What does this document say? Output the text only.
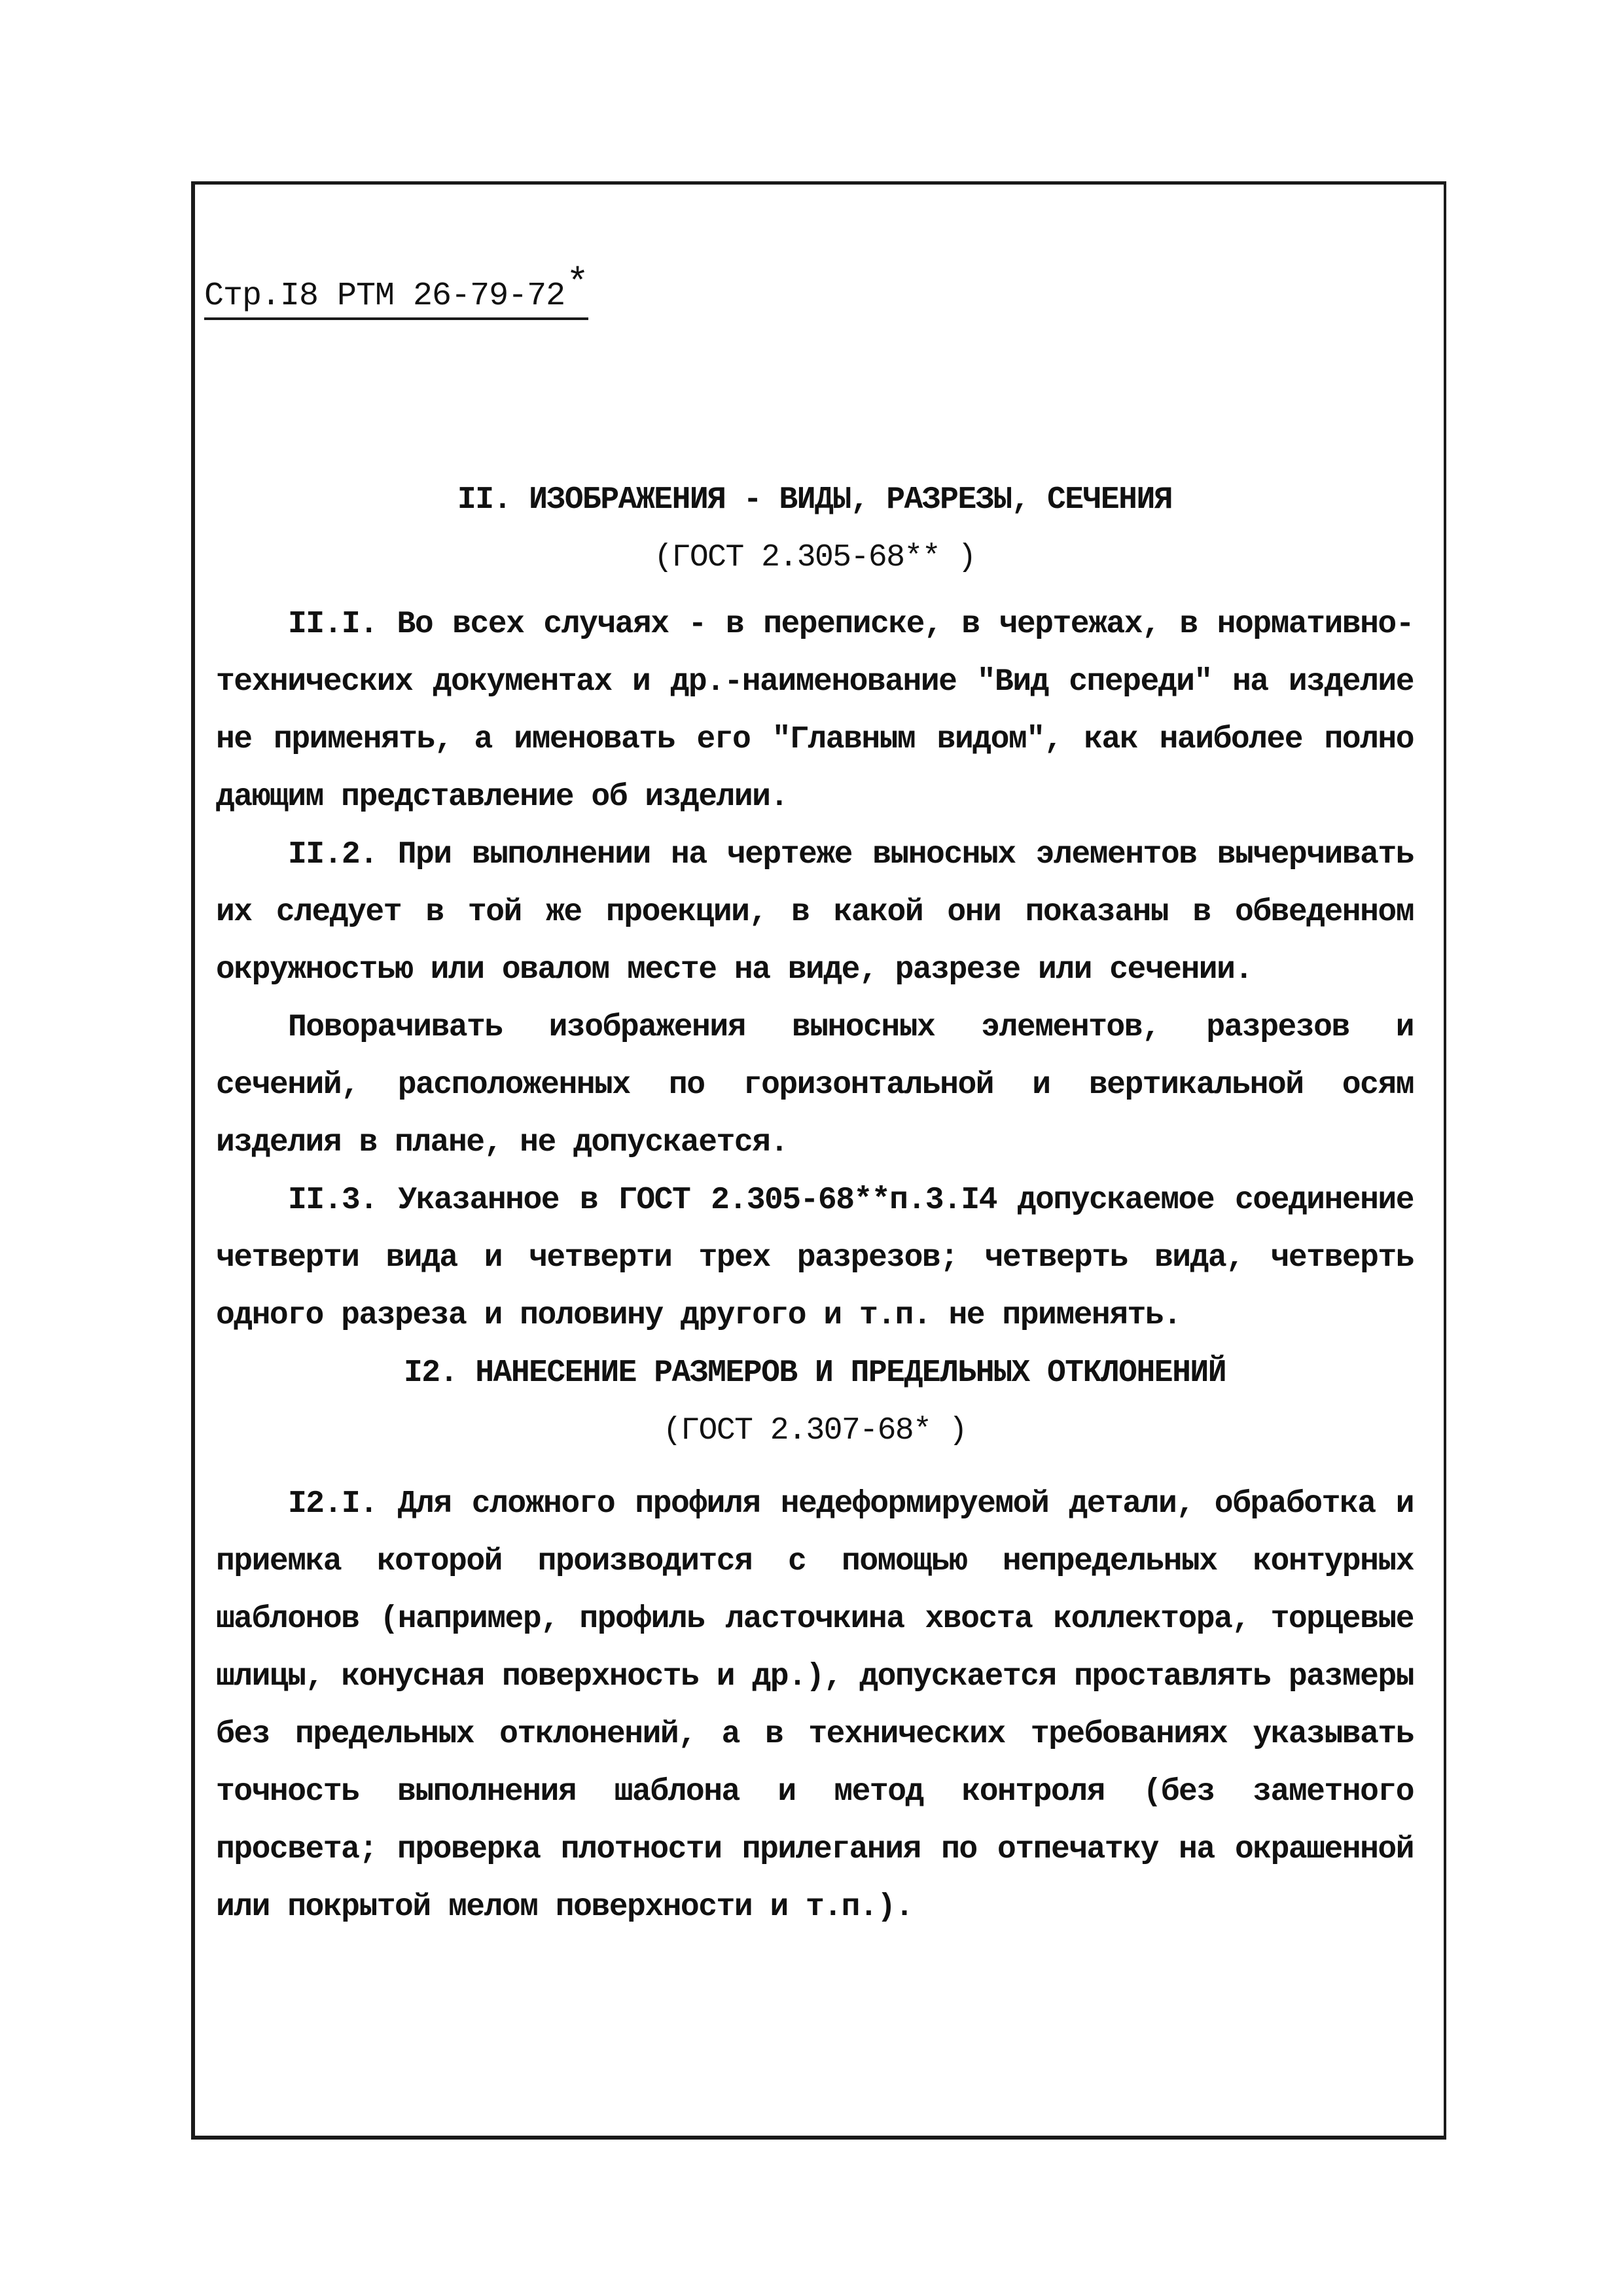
Стр.I8 РТМ 26-79-72*
II. ИЗОБРАЖЕНИЯ - ВИДЫ, РАЗРЕЗЫ, СЕЧЕНИЯ
(ГОСТ 2.305-68** )

II.I. Во всех случаях - в переписке, в чертежах, в нормативно-технических документах и др.-наименование "Вид спереди" на изделие не применять, а именовать его "Главным видом", как наиболее полно дающим представление об изделии.

II.2. При выполнении на чертеже выносных элементов вычерчивать их следует в той же проекции, в какой они показаны в обведенном окружностью или овалом месте на виде, разрезе или сечении.

Поворачивать изображения выносных элементов, разрезов и сечений, расположенных по горизонтальной и вертикальной осям изделия в плане, не допускается.

II.3. Указанное в ГОСТ 2.305-68**п.3.I4 допускаемое соединение четверти вида и четверти трех разрезов; четверть вида, четверть одного разреза и половину другого и т.п. не применять.

I2. НАНЕСЕНИЕ РАЗМЕРОВ И ПРЕДЕЛЬНЫХ ОТКЛОНЕНИЙ
(ГОСТ 2.307-68* )

I2.I. Для сложного профиля недеформируемой детали, обработка и приемка которой производится с помощью непредельных контурных шаблонов (например, профиль ласточкина хвоста коллектора, торцевые шлицы, конусная поверхность и др.), допускается проставлять размеры без предельных отклонений, а в технических требованиях указывать точность выполнения шаблона и метод контроля (без заметного просвета; проверка плотности прилегания по отпечатку на окрашенной или покрытой мелом поверхности и т.п.).
